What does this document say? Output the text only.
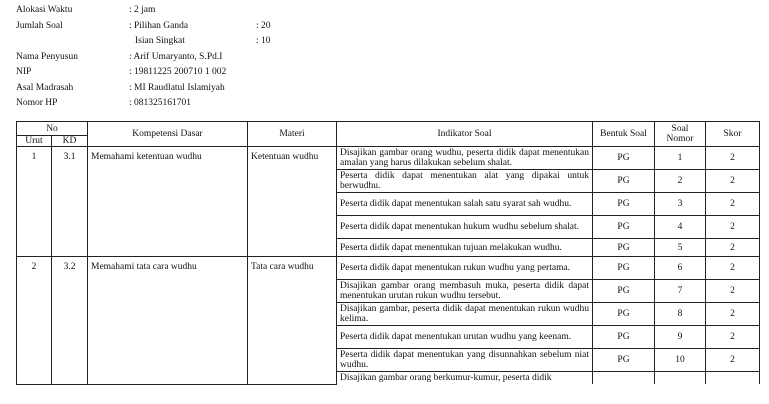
Alokasi Waktu	: 2 jam
Jumlah Soal	: Pilihan Ganda	: 20
Isian Singkat	: 10
Nama Penyusun	: Arif Umaryanto, S.Pd.I
NIP	: 19811225 200710 1 002
Asal Madrasah	: MI Raudlatul Islamiyah
Nomor HP	: 081325161701
No		Kompetensi Dasar	Materi	Indikator Soal	Bentuk Soal	Soal Nomor	Skor
Urut	KD						
1	3.1	Memahami ketentuan wudhu	Ketentuan wudhu	Disajikan gambar orang wudhu, peserta didik dapat menentukan amalan yang harus dilakukan sebelum shalat.	PG	1	2
				Peserta didik dapat menentukan alat yang dipakai untuk berwudhu.	PG	2	2
				Peserta didik dapat menentukan salah satu syarat sah wudhu.	PG	3	2
				Peserta didik dapat menentukan hukum wudhu sebelum shalat.	PG	4	2
				Peserta didik dapat menentukan tujuan melakukan wudhu.	PG	5	2
2	3.2	Memahami tata cara wudhu	Tata cara wudhu	Peserta didik dapat menentukan rukun wudhu yang pertama.	PG	6	2
				Disajikan gambar orang membasuh muka, peserta didik dapat menentukan urutan rukun wudhu tersebut.	PG	7	2
				Disajikan gambar, peserta didik dapat menentukan rukun wudhu kelima.	PG	8	2
				Peserta didik dapat menentukan urutan wudhu yang keenam.	PG	9	2
				Peserta didik dapat menentukan yang disunnahkan sebelum niat wudhu.	PG	10	2
				Disajikan gambar orang berkumur-kumur, peserta didik			
